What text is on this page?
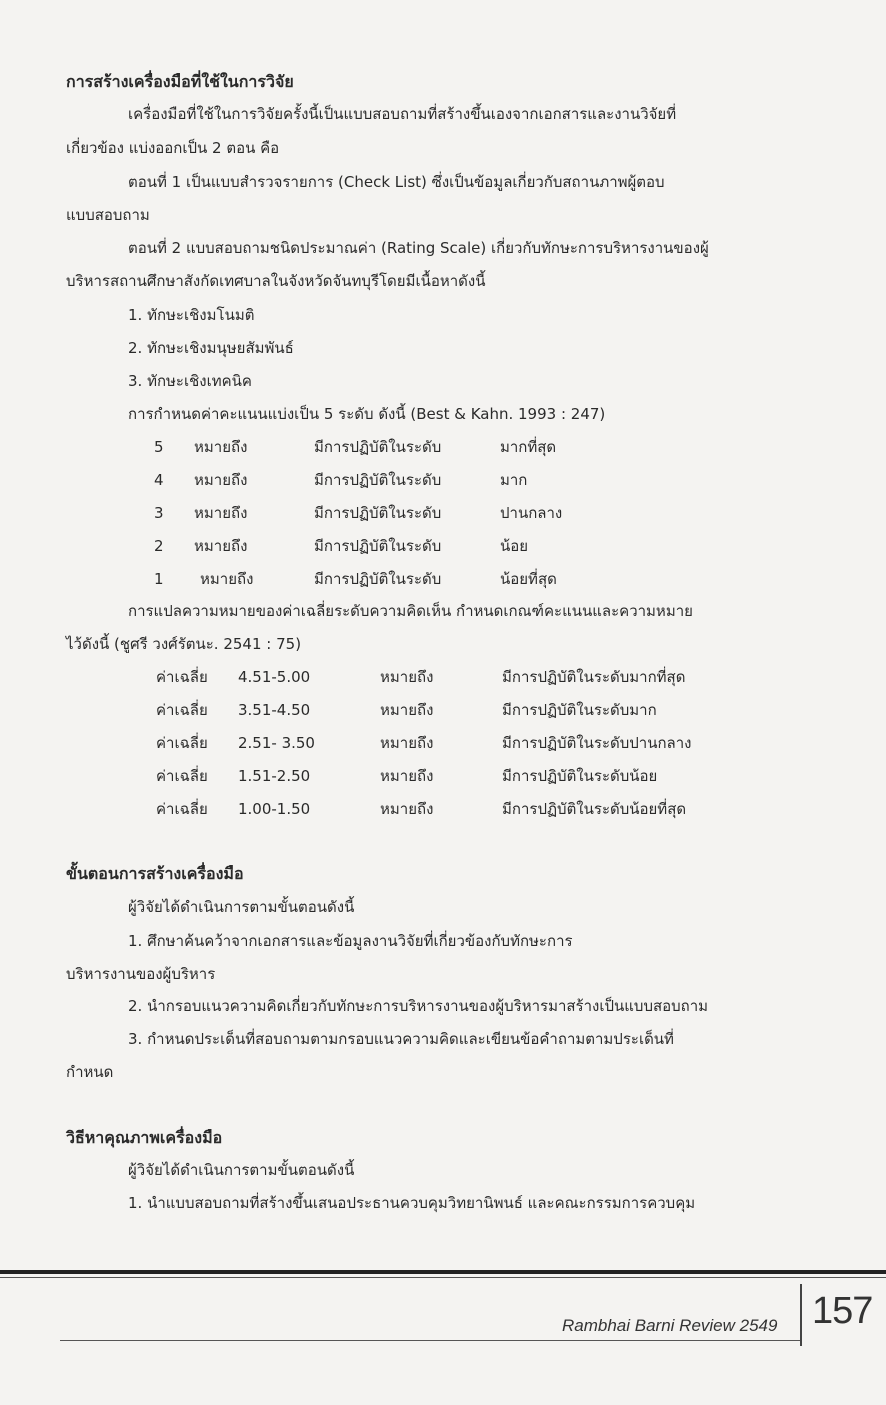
การสร้างเครื่องมือที่ใช้ในการวิจัย
เครื่องมือที่ใช้ในการวิจัยครั้งนี้เป็นแบบสอบถามที่สร้างขึ้นเองจากเอกสารและงานวิจัยที่
เกี่ยวข้อง แบ่งออกเป็น 2 ตอน คือ
ตอนที่ 1 เป็นแบบสำรวจรายการ (Check List) ซึ่งเป็นข้อมูลเกี่ยวกับสถานภาพผู้ตอบ
แบบสอบถาม
ตอนที่ 2 แบบสอบถามชนิดประมาณค่า (Rating Scale) เกี่ยวกับทักษะการบริหารงานของผู้
บริหารสถานศึกษาสังกัดเทศบาลในจังหวัดจันทบุรีโดยมีเนื้อหาดังนี้
1. ทักษะเชิงมโนมติ
2. ทักษะเชิงมนุษยสัมพันธ์
3. ทักษะเชิงเทคนิค
การกำหนดค่าคะแนนแบ่งเป็น 5 ระดับ ดังนี้ (Best & Kahn. 1993 : 247)
5 หมายถึง	มีการปฏิบัติในระดับ	มากที่สุด
4 หมายถึง	มีการปฏิบัติในระดับ	มาก
3 หมายถึง	มีการปฏิบัติในระดับ	ปานกลาง
2 หมายถึง	มีการปฏิบัติในระดับ	น้อย
1 หมายถึง	มีการปฏิบัติในระดับ	น้อยที่สุด
การแปลความหมายของค่าเฉลี่ยระดับความคิดเห็น กำหนดเกณฑ์คะแนนและความหมาย
ไว้ดังนี้ (ชูศรี วงศ์รัตนะ. 2541 : 75)
ค่าเฉลี่ย 4.51-5.00	หมายถึง	มีการปฏิบัติในระดับมากที่สุด
ค่าเฉลี่ย 3.51-4.50	หมายถึง	มีการปฏิบัติในระดับมาก
ค่าเฉลี่ย 2.51- 3.50	หมายถึง	มีการปฏิบัติในระดับปานกลาง
ค่าเฉลี่ย 1.51-2.50	หมายถึง	มีการปฏิบัติในระดับน้อย
ค่าเฉลี่ย 1.00-1.50	หมายถึง	มีการปฏิบัติในระดับน้อยที่สุด
ขั้นตอนการสร้างเครื่องมือ
ผู้วิจัยได้ดำเนินการตามขั้นตอนดังนี้
1. ศึกษาค้นคว้าจากเอกสารและข้อมูลงานวิจัยที่เกี่ยวข้องกับทักษะการ
บริหารงานของผู้บริหาร
2. นำกรอบแนวความคิดเกี่ยวกับทักษะการบริหารงานของผู้บริหารมาสร้างเป็นแบบสอบถาม
3. กำหนดประเด็นที่สอบถามตามกรอบแนวความคิดและเขียนข้อคำถามตามประเด็นที่
กำหนด
วิธีหาคุณภาพเครื่องมือ
ผู้วิจัยได้ดำเนินการตามขั้นตอนดังนี้
1. นำแบบสอบถามที่สร้างขึ้นเสนอประธานควบคุมวิทยานิพนธ์ และคณะกรรมการควบคุม
Rambhai Barni Review 2549 157
